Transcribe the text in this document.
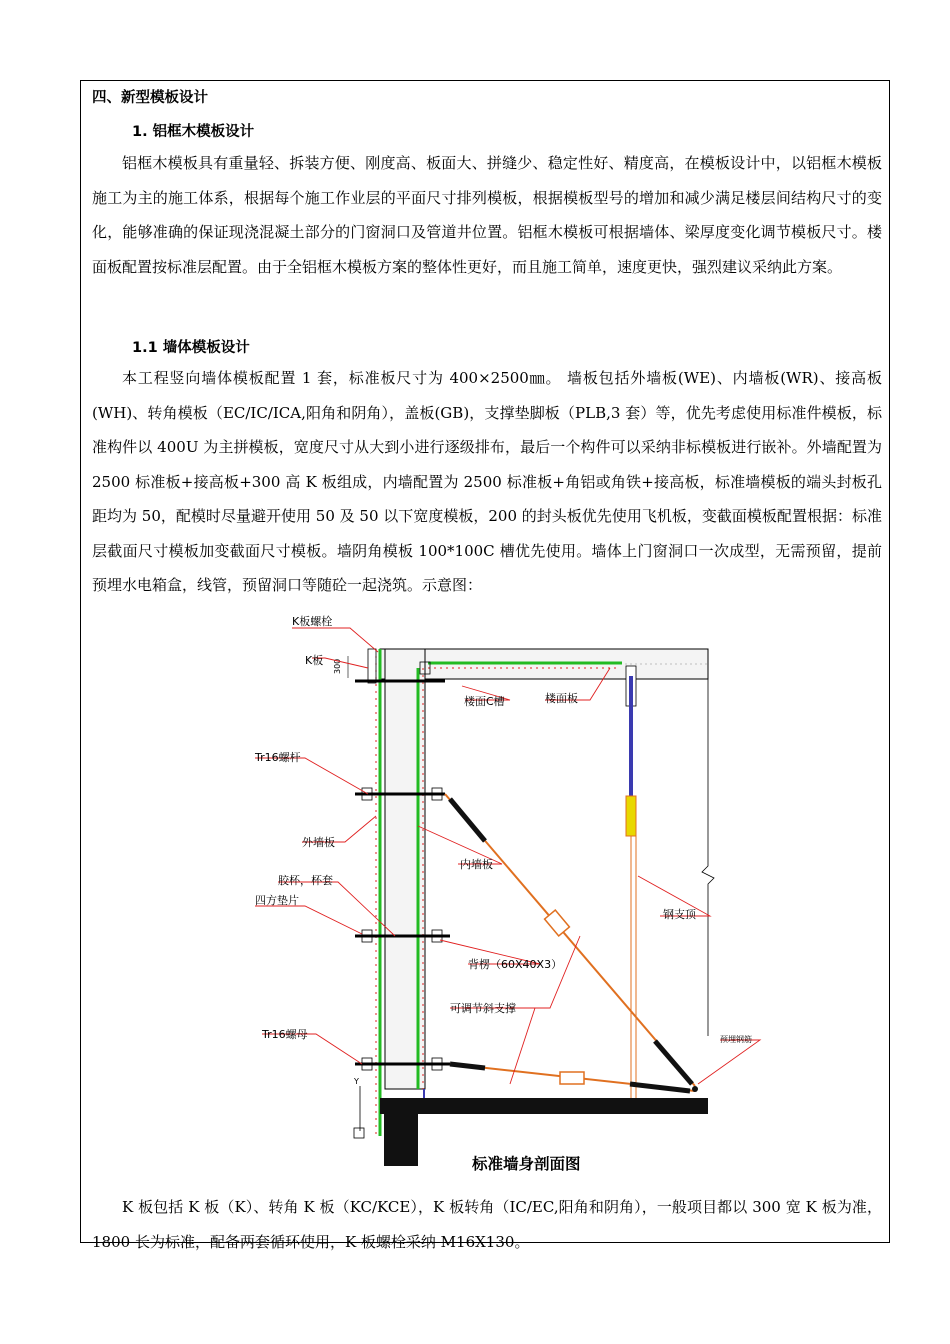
四、新型模板设计
1. 铝框木模板设计

铝框木模板具有重量轻、拆装方便、刚度高、板面大、拼缝少、稳定性好、精度高，在模板设计中，以铝框木模板施工为主的施工体系，根据每个施工作业层的平面尺寸排列模板，根据模板型号的增加和减少满足楼层间结构尺寸的变化，能够准确的保证现浇混凝土部分的门窗洞口及管道井位置。铝框木模板可根据墙体、梁厚度变化调节模板尺寸。楼面板配置按标准层配置。由于全铝框木模板方案的整体性更好，而且施工简单，速度更快，强烈建议采纳此方案。

1.1 墙体模板设计

本工程竖向墙体模板配置 1 套，标准板尺寸为 400×2500㎜。 墙板包括外墙板(WE)、内墙板(WR)、接高板(WH)、转角模板（EC/IC/ICA,阳角和阴角），盖板(GB)，支撑垫脚板（PLB,3 套）等，优先考虑使用标准件模板，标准构件以 400U 为主拼模板，宽度尺寸从大到小进行逐级排布，最后一个构件可以采纳非标模板进行嵌补。外墙配置为 2500 标准板+接高板+300 高 K 板组成，内墙配置为 2500 标准板+角铝或角铁+接高板，标准墙模板的端头封板孔距均为 50，配模时尽量避开使用 50 及 50 以下宽度模板，200 的封头板优先使用飞机板，变截面模板配置根据：标准层截面尺寸模板加变截面尺寸模板。墙阴角模板 100*100C 槽优先使用。墙体上门窗洞口一次成型，无需预留，提前预埋水电箱盒，线管，预留洞口等随砼一起浇筑。示意图：

300
K板螺栓
K板
楼面C槽	楼面板
Tr16螺杆
外墙板
内墙板
胶杯，杯套
四方垫片
背楞（60X40X3）
钢支顶
可调节斜支撑
Tr16螺母	预埋钢筋
Y
标准墙身剖面图

K 板包括 K 板（K）、转角 K 板（KC/KCE），K 板转角（IC/EC,阳角和阴角），一般项目都以 300 宽 K 板为准，1800 长为标准，配备两套循环使用，K 板螺栓采纳 M16X130。
